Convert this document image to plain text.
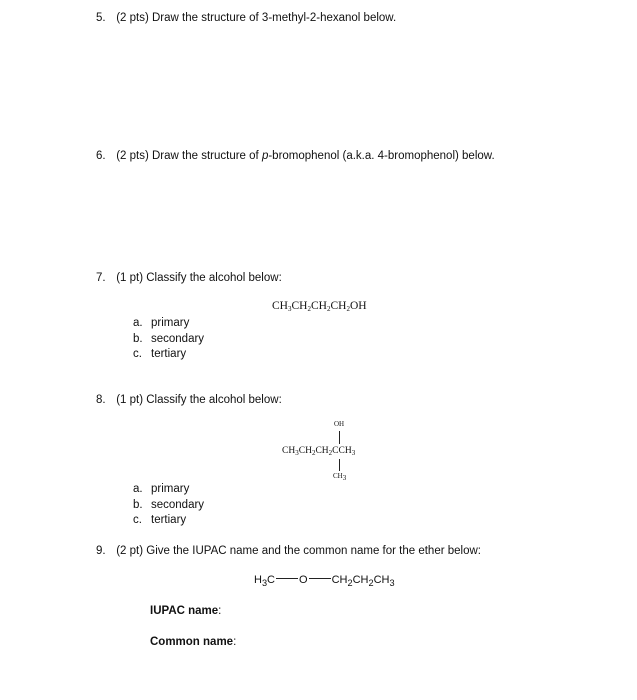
5. (2 pts) Draw the structure of 3-methyl-2-hexanol below.
6. (2 pts) Draw the structure of p-bromophenol (a.k.a. 4-bromophenol) below.
7. (1 pt) Classify the alcohol below:
$CH_3CH_2CH_2CH_2OH$
a. primary
b. secondary
c. tertiary
8. (1 pt) Classify the alcohol below:
OH
$CH_3CH_2CH_2CCH_3$
$CH_3$
a. primary
b. secondary
c. tertiary
9. (2 pt) Give the IUPAC name and the common name for the ether below:
$H_3C$ O $CH_2CH_2CH_3$
IUPAC name:
Common name:
